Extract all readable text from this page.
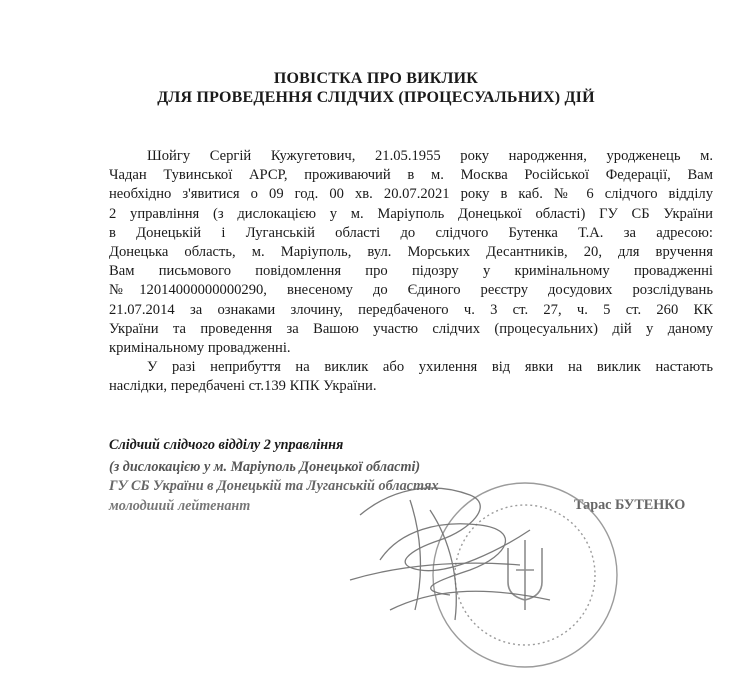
ПОВІСТКА ПРО ВИКЛИК
ДЛЯ ПРОВЕДЕННЯ СЛІДЧИХ (ПРОЦЕСУАЛЬНИХ) ДІЙ
Шойгу Сергій Кужугетович, 21.05.1955 року народження, уродженець м.
Чадан Тувинської АРСР, проживаючий в м. Москва Російської Федерації, Вам
необхідно з'явитися о 09 год. 00 хв. 20.07.2021 року в каб. № 6 слідчого відділу
2 управління (з дислокацією у м. Маріуполь Донецької області) ГУ СБ України
в Донецькій і Луганській області до слідчого Бутенка Т.А. за адресою:
Донецька область, м. Маріуполь, вул. Морських Десантників, 20, для вручення
Вам письмового повідомлення про підозру у кримінальному провадженні
№12014000000000290, внесеному до Єдиного реєстру досудових розслідувань
21.07.2014 за ознаками злочину, передбаченого ч. 3 ст. 27, ч. 5 ст. 260 КК
України та проведення за Вашою участю слідчих (процесуальних) дій у даному
кримінальному провадженні.
У разі неприбуття на виклик або ухилення від явки на виклик настають
наслідки, передбачені ст.139 КПК України.
Слідчий слідчого відділу 2 управління
(з дислокацією у м. Маріуполь Донецької області)
ГУ СБ України в Донецькій та Луганській областях
молодший лейтенант	Тарас БУТЕНКО
